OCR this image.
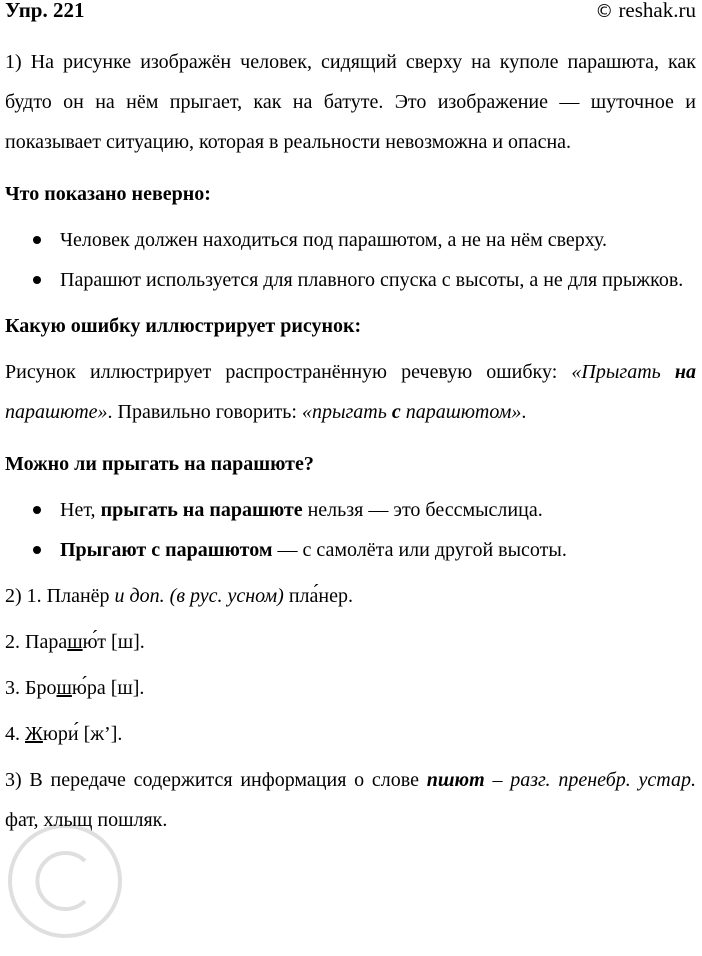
Упр. 221	© reshak.ru

1) На рисунке изображён человек, сидящий сверху на куполе парашюта, как будто он на нём прыгает, как на батуте. Это изображение — шуточное и показывает ситуацию, которая в реальности невозможна и опасна.

Что показано неверно:

Человек должен находиться под парашютом, а не на нём сверху.
Парашют используется для плавного спуска с высоты, а не для прыжков.

Какую ошибку иллюстрирует рисунок:

Рисунок иллюстрирует распространённую речевую ошибку: «Прыгать на парашюте». Правильно говорить: «прыгать с парашютом».

Можно ли прыгать на парашюте?

Нет, прыгать на парашюте нельзя — это бессмыслица.
Прыгают с парашютом — с самолёта или другой высоты.

2) 1. Планёр и доп. (в рус. усном) пла́нер.

2. Парашю́т [ш].

3. Брошю́ра [ш].

4. Жюри́ [ж’].

3) В передаче содержится информация о слове пшют – разг. пренебр. устар. фат, хлыщ пошляк.
